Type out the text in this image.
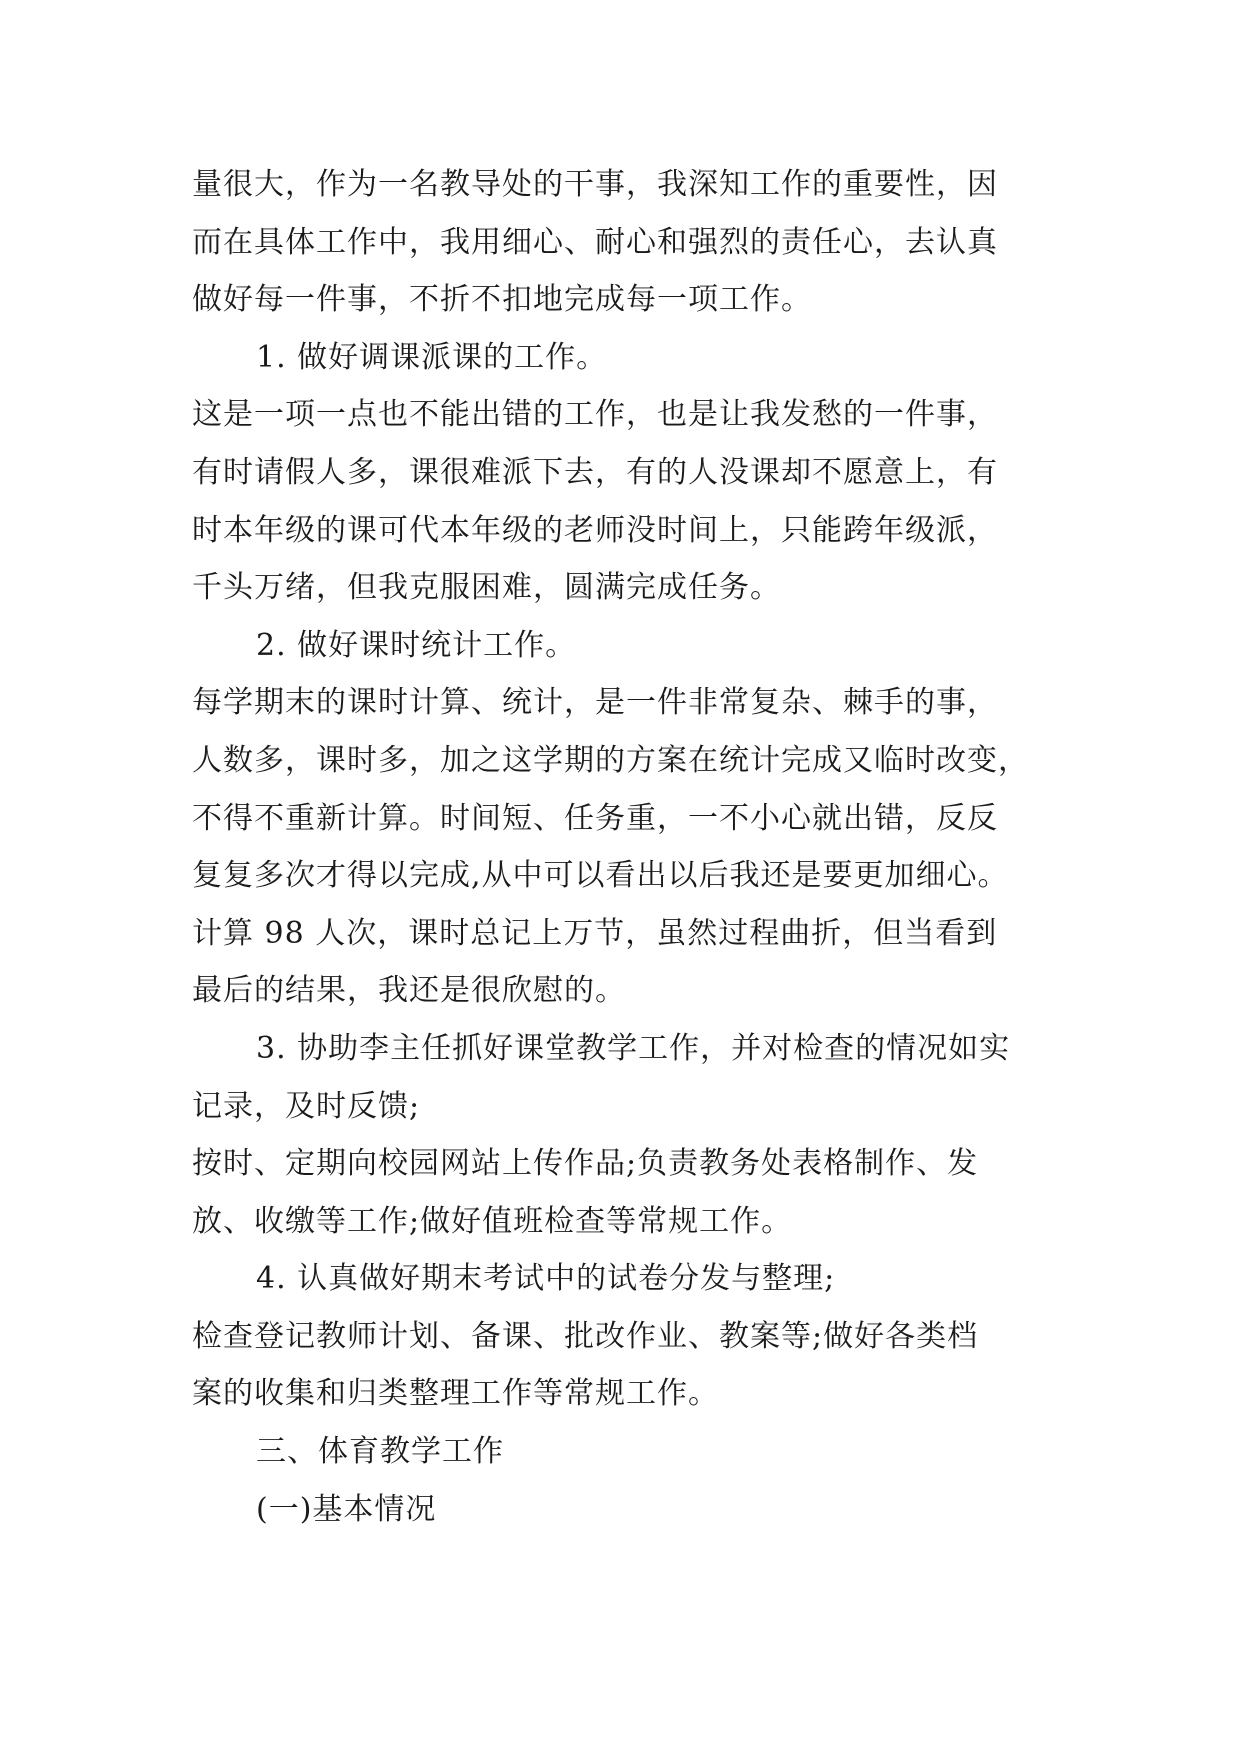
量很大，作为一名教导处的干事，我深知工作的重要性，因
而在具体工作中，我用细心、耐心和强烈的责任心，去认真
做好每一件事，不折不扣地完成每一项工作。
1. 做好调课派课的工作。
这是一项一点也不能出错的工作，也是让我发愁的一件事，
有时请假人多，课很难派下去，有的人没课却不愿意上，有
时本年级的课可代本年级的老师没时间上，只能跨年级派，
千头万绪，但我克服困难，圆满完成任务。
2. 做好课时统计工作。
每学期末的课时计算、统计，是一件非常复杂、棘手的事，
人数多，课时多，加之这学期的方案在统计完成又临时改变，
不得不重新计算。时间短、任务重，一不小心就出错，反反
复复多次才得以完成,从中可以看出以后我还是要更加细心。
计算 98 人次，课时总记上万节，虽然过程曲折，但当看到
最后的结果，我还是很欣慰的。
3. 协助李主任抓好课堂教学工作，并对检查的情况如实
记录，及时反馈;
按时、定期向校园网站上传作品;负责教务处表格制作、发
放、收缴等工作;做好值班检查等常规工作。
4. 认真做好期末考试中的试卷分发与整理;
检查登记教师计划、备课、批改作业、教案等;做好各类档
案的收集和归类整理工作等常规工作。
三、体育教学工作
(一)基本情况
